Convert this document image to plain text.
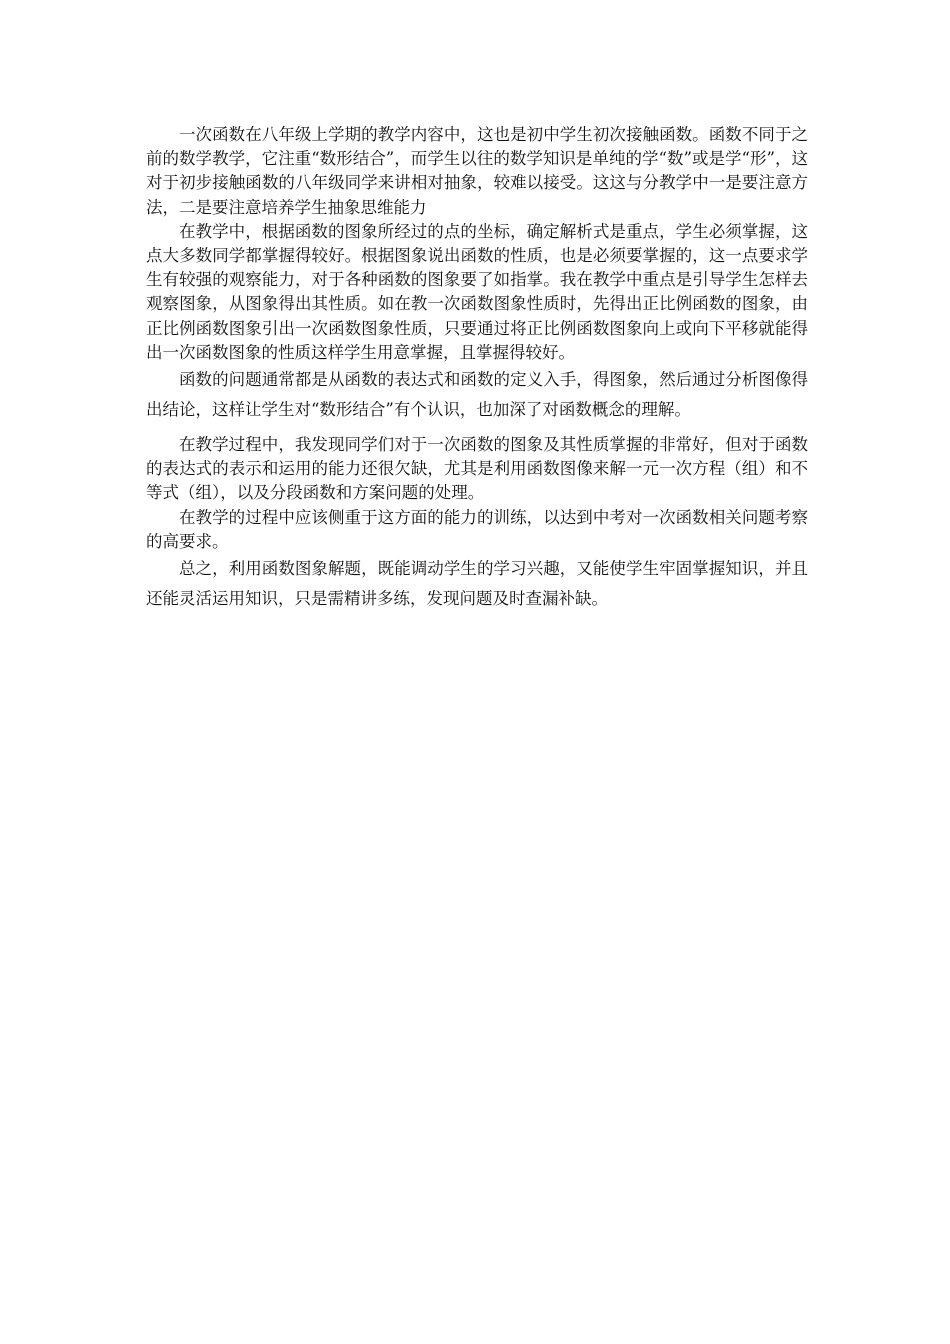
一次函数在八年级上学期的教学内容中，这也是初中学生初次接触函数。函数不同于之前的数学教学，它注重“数形结合”，而学生以往的数学知识是单纯的学“数”或是学“形”，这对于初步接触函数的八年级同学来讲相对抽象，较难以接受。这这与分教学中一是要注意方法，二是要注意培养学生抽象思维能力

在教学中，根据函数的图象所经过的点的坐标，确定解析式是重点，学生必须掌握，这点大多数同学都掌握得较好。根据图象说出函数的性质，也是必须要掌握的，这一点要求学生有较强的观察能力，对于各种函数的图象要了如指掌。我在教学中重点是引导学生怎样去观察图象，从图象得出其性质。如在教一次函数图象性质时，先得出正比例函数的图象，由正比例函数图象引出一次函数图象性质，只要通过将正比例函数图象向上或向下平移就能得出一次函数图象的性质这样学生用意掌握，且掌握得较好。

函数的问题通常都是从函数的表达式和函数的定义入手，得图象，然后通过分析图像得出结论，这样让学生对“数形结合”有个认识，也加深了对函数概念的理解。

在教学过程中，我发现同学们对于一次函数的图象及其性质掌握的非常好，但对于函数的表达式的表示和运用的能力还很欠缺，尤其是利用函数图像来解一元一次方程（组）和不等式（组），以及分段函数和方案问题的处理。

在教学的过程中应该侧重于这方面的能力的训练，以达到中考对一次函数相关问题考察的高要求。

总之，利用函数图象解题，既能调动学生的学习兴趣，又能使学生牢固掌握知识，并且还能灵活运用知识，只是需精讲多练，发现问题及时查漏补缺。
